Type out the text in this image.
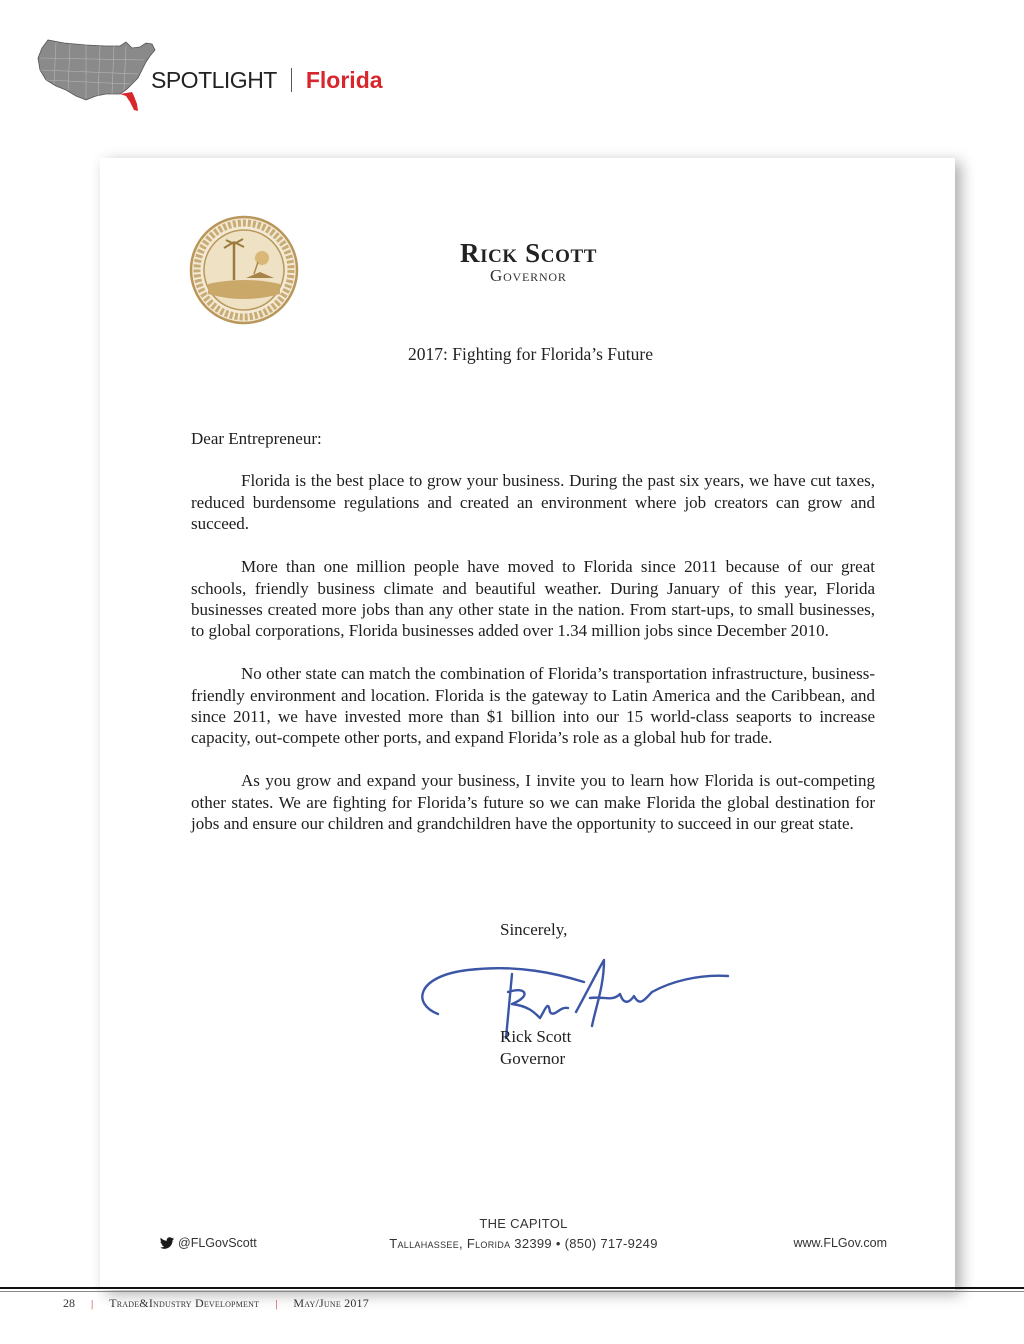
SPOTLIGHT Florida
Rick Scott
Governor
2017: Fighting for Florida’s Future

Dear Entrepreneur:

Florida is the best place to grow your business. During the past six years, we have cut taxes, reduced burdensome regulations and created an environment where job creators can grow and succeed.

More than one million people have moved to Florida since 2011 because of our great schools, friendly business climate and beautiful weather. During January of this year, Florida businesses created more jobs than any other state in the nation. From start-ups, to small businesses, to global corporations, Florida businesses added over 1.34 million jobs since December 2010.

No other state can match the combination of Florida’s transportation infrastructure, business-friendly environment and location. Florida is the gateway to Latin America and the Caribbean, and since 2011, we have invested more than $1 billion into our 15 world-class seaports to increase capacity, out-compete other ports, and expand Florida’s role as a global hub for trade.

As you grow and expand your business, I invite you to learn how Florida is out-competing other states. We are fighting for Florida’s future so we can make Florida the global destination for jobs and ensure our children and grandchildren have the opportunity to succeed in our great state.

Sincerely,
Rick Scott
Governor
@FLGovScott
THE CAPITOL
Tallahassee, Florida 32399 • (850) 717-9249	www.FLGov.com
28 | Trade&Industry Development | May/June 2017
